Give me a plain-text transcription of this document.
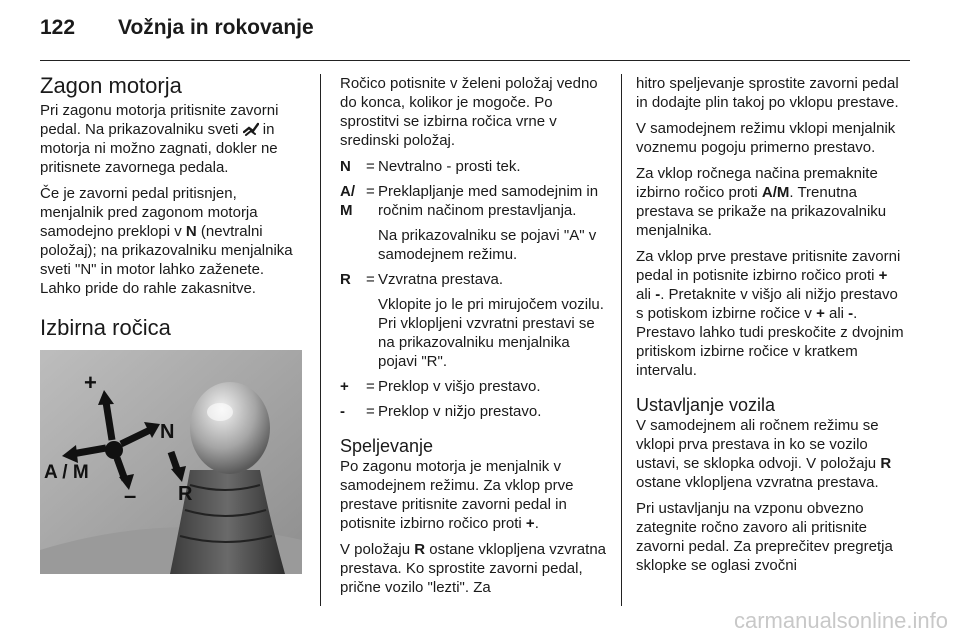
122 Vožnja in rokovanje
Zagon motorja

Pri zagonu motorja pritisnite zavorni pedal. Na prikazovalniku sveti  in motorja ni možno zagnati, dokler ne pritisnete zavornega pedala.

Če je zavorni pedal pritisnjen, menjalnik pred zagonom motorja samodejno preklopi v N (nevtralni položaj); na prikazovalniku menjalnika sveti "N" in motor lahko zaženete. Lahko pride do rahle zakasnitve.

Izbirna ročica
+
N
A / M
– R

Ročico potisnite v želeni položaj vedno do konca, kolikor je mogoče. Po sprostitvi se izbirna ročica vrne v sredinski položaj.

N	= Nevtralno - prosti tek.
A/ M
= Preklapljanje med samodejnim in ročnim načinom prestavljanja.
Na prikazovalniku se pojavi "A" v samodejnem režimu.
R	= Vzvratna prestava.
Vklopite jo le pri mirujočem vozilu. Pri vklopljeni vzvratni prestavi se na prikazovalniku menjalnika pojavi "R".
+	= Preklop v višjo prestavo.
-	= Preklop v nižjo prestavo.
Speljevanje

Po zagonu motorja je menjalnik v samodejnem režimu. Za vklop prve prestave pritisnite zavorni pedal in potisnite izbirno ročico proti +.

V položaju R ostane vklopljena vzvratna prestava. Ko sprostite zavorni pedal, prične vozilo "lezti". Za

hitro speljevanje sprostite zavorni pedal in dodajte plin takoj po vklopu prestave.

V samodejnem režimu vklopi menjalnik voznemu pogoju primerno prestavo.

Za vklop ročnega načina premaknite izbirno ročico proti A/M. Trenutna prestava se prikaže na prikazovalniku menjalnika.

Za vklop prve prestave pritisnite zavorni pedal in potisnite izbirno ročico proti + ali -. Pretaknite v višjo ali nižjo prestavo s potiskom izbirne ročice v + ali -. Prestavo lahko tudi preskočite z dvojnim pritiskom izbirne ročice v kratkem intervalu.

Ustavljanje vozila

V samodejnem ali ročnem režimu se vklopi prva prestava in ko se vozilo ustavi, se sklopka odvoji. V položaju R ostane vklopljena vzvratna prestava.

Pri ustavljanju na vzponu obvezno zategnite ročno zavoro ali pritisnite zavorni pedal. Za preprečitev pregretja sklopke se oglasi zvočni

carmanualsonline.info
